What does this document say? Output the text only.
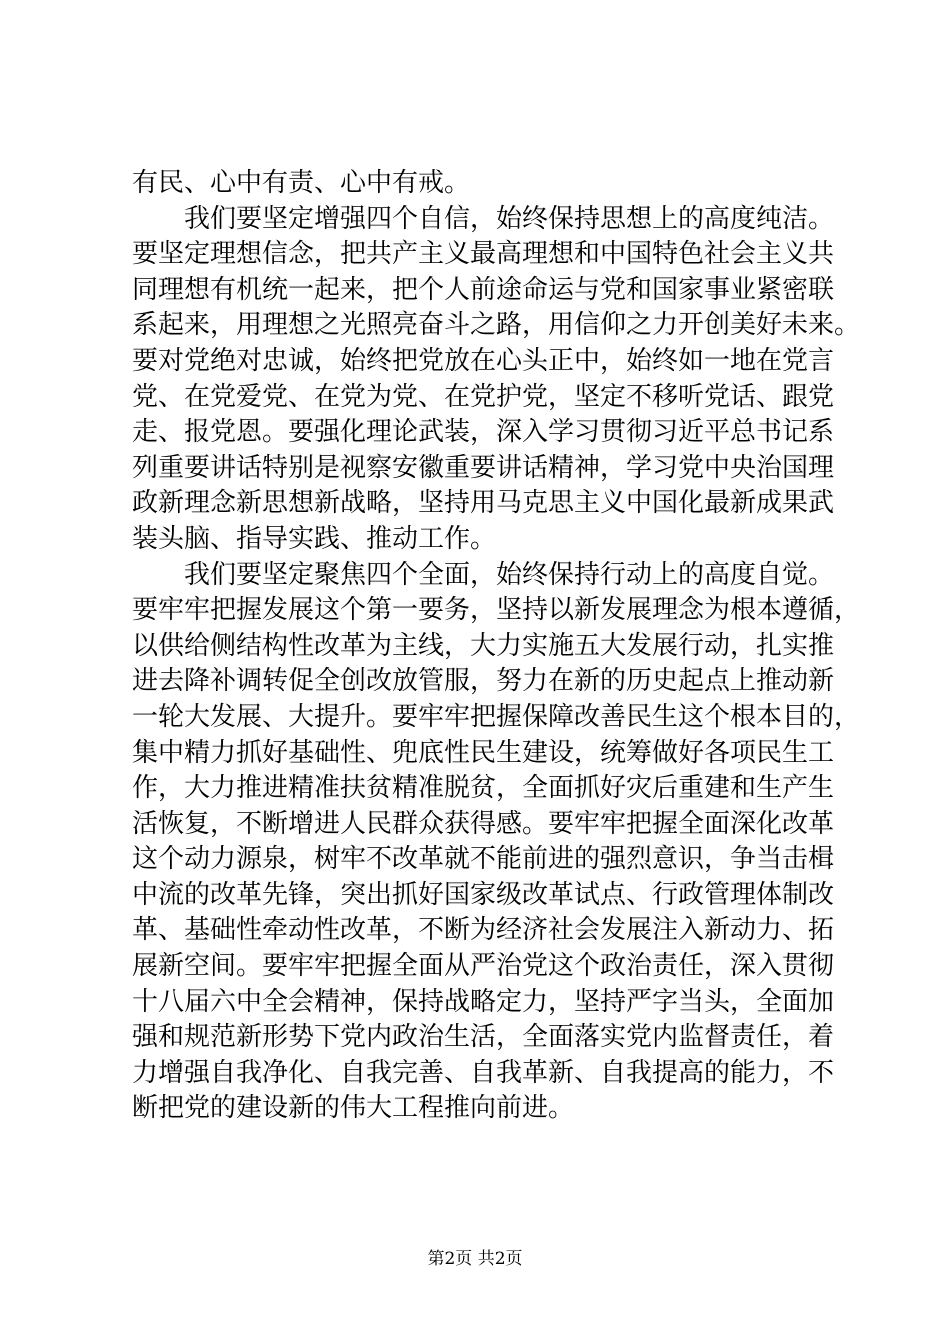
有民、心中有责、心中有戒。
我们要坚定增强四个自信，始终保持思想上的高度纯洁。
要坚定理想信念，把共产主义最高理想和中国特色社会主义共
同理想有机统一起来，把个人前途命运与党和国家事业紧密联
系起来，用理想之光照亮奋斗之路，用信仰之力开创美好未来。
要对党绝对忠诚，始终把党放在心头正中，始终如一地在党言
党、在党爱党、在党为党、在党护党，坚定不移听党话、跟党
走、报党恩。要强化理论武装，深入学习贯彻习近平总书记系
列重要讲话特别是视察安徽重要讲话精神，学习党中央治国理
政新理念新思想新战略，坚持用马克思主义中国化最新成果武
装头脑、指导实践、推动工作。
我们要坚定聚焦四个全面，始终保持行动上的高度自觉。
要牢牢把握发展这个第一要务，坚持以新发展理念为根本遵循，
以供给侧结构性改革为主线，大力实施五大发展行动，扎实推
进去降补调转促全创改放管服，努力在新的历史起点上推动新
一轮大发展、大提升。要牢牢把握保障改善民生这个根本目的，
集中精力抓好基础性、兜底性民生建设，统筹做好各项民生工
作，大力推进精准扶贫精准脱贫，全面抓好灾后重建和生产生
活恢复，不断增进人民群众获得感。要牢牢把握全面深化改革
这个动力源泉，树牢不改革就不能前进的强烈意识，争当击楫
中流的改革先锋，突出抓好国家级改革试点、行政管理体制改
革、基础性牵动性改革，不断为经济社会发展注入新动力、拓
展新空间。要牢牢把握全面从严治党这个政治责任，深入贯彻
十八届六中全会精神，保持战略定力，坚持严字当头，全面加
强和规范新形势下党内政治生活，全面落实党内监督责任，着
力增强自我净化、自我完善、自我革新、自我提高的能力，不
断把党的建设新的伟大工程推向前进。
第2页 共2页
